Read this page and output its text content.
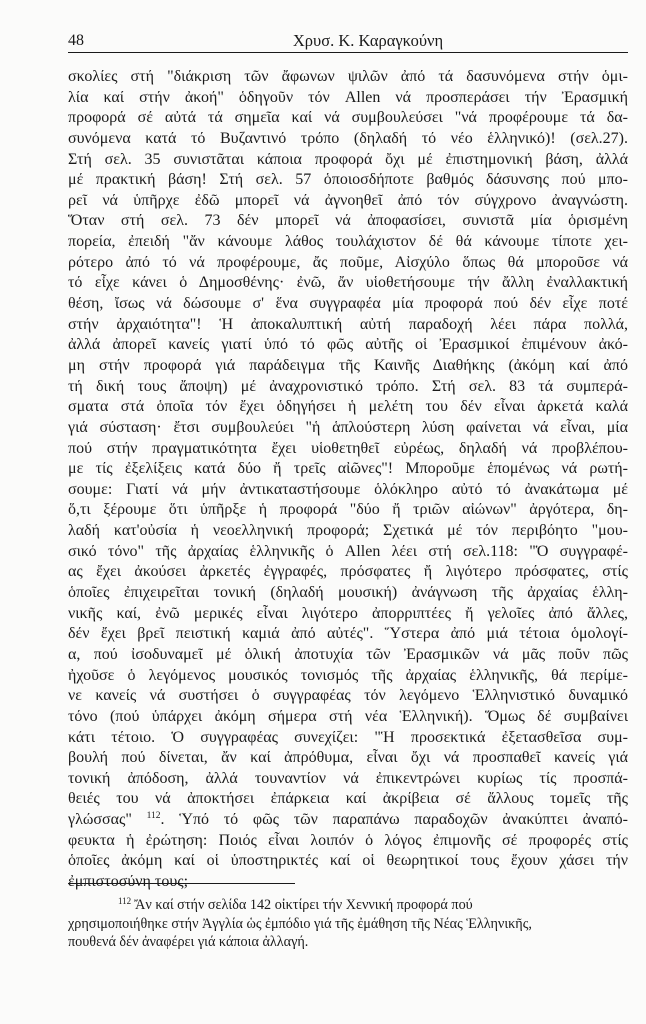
48	Χρυσ. Κ. Καραγκούνη
σκολίες στή "διάκριση τῶν ἄφωνων ψιλῶν ἀπό τά δασυνόμενα στήν ὁμι-
λία καί στήν ἀκοή" ὁδηγοῦν τόν Allen νά προσπεράσει τήν Ἐρασμική
προφορά σέ αὐτά τά σημεῖα καί νά συμβουλεύσει "νά προφέρουμε τά δα-
συνόμενα κατά τό Βυζαντινό τρόπο (δηλαδή τό νέο ἑλληνικό)! (σελ.27).
Στή σελ. 35 συνιστᾶται κάποια προφορά ὄχι μέ ἐπιστημονική βάση, ἀλλά
μέ πρακτική βάση! Στή σελ. 57 ὁποιοσδήποτε βαθμός δάσυνσης πού μπο-
ρεῖ νά ὑπῆρχε ἐδῶ μπορεῖ νά ἀγνοηθεῖ ἀπό τόν σύγχρονο ἀναγνώστη.
Ὅταν στή σελ. 73 δέν μπορεῖ νά ἀποφασίσει, συνιστᾶ μία ὁρισμένη
πορεία, ἐπειδή "ἄν κάνουμε λάθος τουλάχιστον δέ θά κάνουμε τίποτε χει-
ρότερο ἀπό τό νά προφέρουμε, ἄς ποῦμε, Αἰσχύλο ὅπως θά μποροῦσε νά
τό εἶχε κάνει ὁ Δημοσθένης· ἐνῶ, ἄν υἱοθετήσουμε τήν ἄλλη ἐναλλακτική
θέση, ἴσως νά δώσουμε σ' ἕνα συγγραφέα μία προφορά πού δέν εἶχε ποτέ
στήν ἀρχαιότητα"! Ἡ ἀποκαλυπτική αὐτή παραδοχή λέει πάρα πολλά,
ἀλλά ἀπορεῖ κανείς γιατί ὑπό τό φῶς αὐτῆς οἱ Ἐρασμικοί ἐπιμένουν ἀκό-
μη στήν προφορά γιά παράδειγμα τῆς Καινῆς Διαθήκης (ἀκόμη καί ἀπό
τή δική τους ἄποψη) μέ ἀναχρονιστικό τρόπο. Στή σελ. 83 τά συμπερά-
σματα στά ὁποῖα τόν ἔχει ὁδηγήσει ἡ μελέτη του δέν εἶναι ἀρκετά καλά
γιά σύσταση· ἔτσι συμβουλεύει "ἡ ἁπλούστερη λύση φαίνεται νά εἶναι, μία
πού στήν πραγματικότητα ἔχει υἱοθετηθεῖ εὐρέως, δηλαδή νά προβλέπου-
με τίς ἐξελίξεις κατά δύο ἤ τρεῖς αἰῶνες"! Μποροῦμε ἑπομένως νά ρωτή-
σουμε: Γιατί νά μήν ἀντικαταστήσουμε ὁλόκληρο αὐτό τό ἀνακάτωμα μέ
ὅ,τι ξέρουμε ὅτι ὑπῆρξε ἡ προφορά "δύο ἤ τριῶν αἰώνων" ἀργότερα, δη-
λαδή κατ'οὐσία ἡ νεοελληνική προφορά; Σχετικά μέ τόν περιβόητο "μου-
σικό τόνο" τῆς ἀρχαίας ἑλληνικῆς ὁ Allen λέει στή σελ.118: "Ὁ συγγραφέ-
ας ἔχει ἀκούσει ἀρκετές ἐγγραφές, πρόσφατες ἤ λιγότερο πρόσφατες, στίς
ὁποῖες ἐπιχειρεῖται τονική (δηλαδή μουσική) ἀνάγνωση τῆς ἀρχαίας ἑλλη-
νικῆς καί, ἐνῶ μερικές εἶναι λιγότερο ἀπορριπτέες ἤ γελοῖες ἀπό ἄλλες,
δέν ἔχει βρεῖ πειστική καμιά ἀπό αὐτές". Ὕστερα ἀπό μιά τέτοια ὁμολογί-
α, πού ἰσοδυναμεῖ μέ ὁλική ἀποτυχία τῶν Ἐρασμικῶν νά μᾶς ποῦν πῶς
ἠχοῦσε ὁ λεγόμενος μουσικός τονισμός τῆς ἀρχαίας ἑλληνικῆς, θά περίμε-
νε κανείς νά συστήσει ὁ συγγραφέας τόν λεγόμενο Ἑλληνιστικό δυναμικό
τόνο (πού ὑπάρχει ἀκόμη σήμερα στή νέα Ἑλληνική). Ὅμως δέ συμβαίνει
κάτι τέτοιο. Ὁ συγγραφέας συνεχίζει: "Ἡ προσεκτικά ἐξετασθεῖσα συμ-
βουλή πού δίνεται, ἄν καί ἀπρόθυμα, εἶναι ὄχι νά προσπαθεῖ κανείς γιά
τονική ἀπόδοση, ἀλλά τουναντίον νά ἐπικεντρώνει κυρίως τίς προσπά-
θειές του νά ἀποκτήσει ἐπάρκεια καί ἀκρίβεια σέ ἄλλους τομεῖς τῆς
γλώσσας" $^{112}$. Ὑπό τό φῶς τῶν παραπάνω παραδοχῶν ἀνακύπτει ἀναπό-
φευκτα ἡ ἐρώτηση: Ποιός εἶναι λοιπόν ὁ λόγος ἐπιμονῆς σέ προφορές στίς
ὁποῖες ἀκόμη καί οἱ ὑποστηρικτές καί οἱ θεωρητικοί τους ἔχουν χάσει τήν
ἐμπιστοσύνη τους;
$^{112}$ Ἄν καί στήν σελίδα 142 οἰκτίρει τήν Χεννική προφορά πού
χρησιμοποιήθηκε στήν Ἀγγλία ὡς ἐμπόδιο γιά τῆς ἐμάθηση τῆς Νέας Ἑλληνικῆς,
πουθενά δέν ἀναφέρει γιά κάποια ἀλλαγή.
